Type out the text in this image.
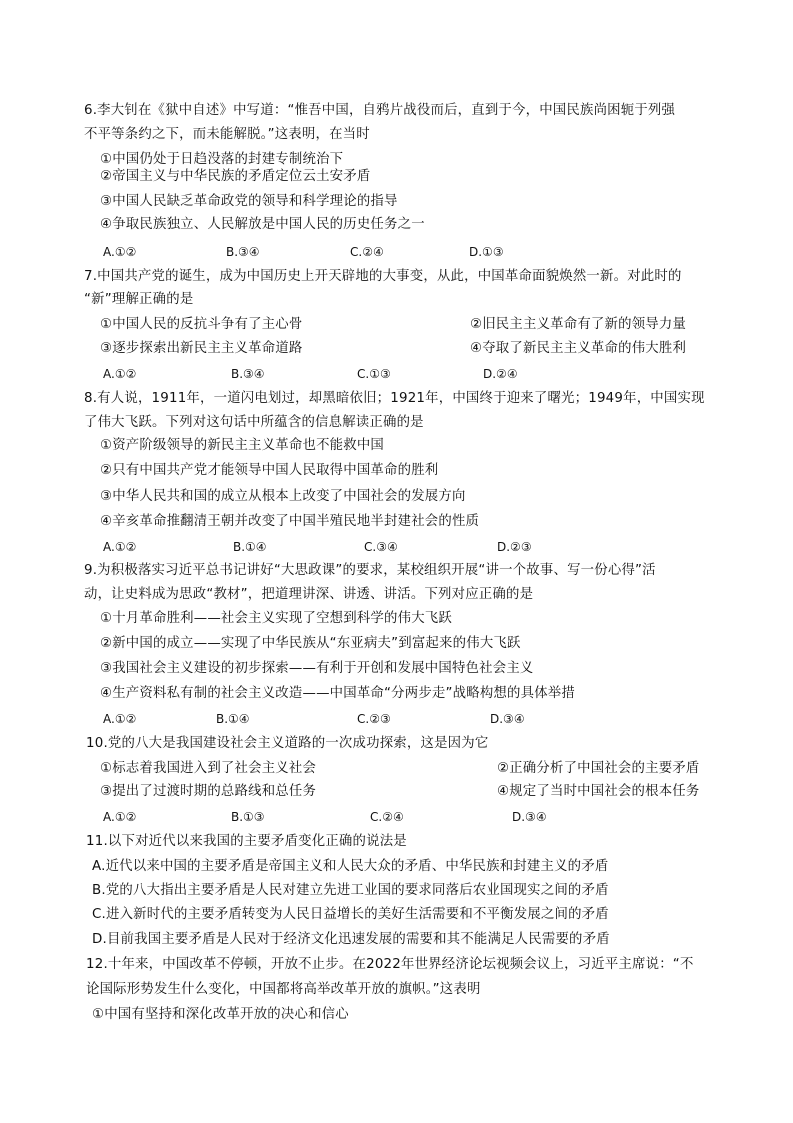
6.李大钊在《狱中自述》中写道：“惟吾中国，自鸦片战役而后，直到于今，中国民族尚困轭于列强
不平等条约之下，而未能解脱。”这表明，在当时
①中国仍处于日趋没落的封建专制统治下
②帝国主义与中华民族的矛盾定位云土安矛盾
③中国人民缺乏革命政党的领导和科学理论的指导
④争取民族独立、人民解放是中国人民的历史任务之一
A.①②	B.③④	C.②④	D.①③
7.中国共产党的诞生，成为中国历史上开天辟地的大事变，从此，中国革命面貌焕然一新。对此时的
“新”理解正确的是
①中国人民的反抗斗争有了主心骨	②旧民主主义革命有了新的领导力量
③逐步探索出新民主主义革命道路	④夺取了新民主主义革命的伟大胜利
A.①②	B.③④	C.①③	D.②④
8.有人说，1911年，一道闪电划过，却黑暗依旧；1921年，中国终于迎来了曙光；1949年，中国实现
了伟大飞跃。下列对这句话中所蕴含的信息解读正确的是
①资产阶级领导的新民主主义革命也不能救中国
②只有中国共产党才能领导中国人民取得中国革命的胜利
③中华人民共和国的成立从根本上改变了中国社会的发展方向
④辛亥革命推翻清王朝并改变了中国半殖民地半封建社会的性质
A.①②	B.①④	C.③④	D.②③
9.为积极落实习近平总书记讲好“大思政课”的要求，某校组织开展“讲一个故事、写一份心得”活
动，让史料成为思政“教材”，把道理讲深、讲透、讲活。下列对应正确的是
①十月革命胜利——社会主义实现了空想到科学的伟大飞跃
②新中国的成立——实现了中华民族从“东亚病夫”到富起来的伟大飞跃
③我国社会主义建设的初步探索——有利于开创和发展中国特色社会主义
④生产资料私有制的社会主义改造——中国革命“分两步走”战略构想的具体举措
A.①②	B.①④	C.②③	D.③④
10.党的八大是我国建设社会主义道路的一次成功探索，这是因为它
①标志着我国进入到了社会主义社会	②正确分析了中国社会的主要矛盾
③提出了过渡时期的总路线和总任务	④规定了当时中国社会的根本任务
A.①②	B.①③	C.②④	D.③④
11.以下对近代以来我国的主要矛盾变化正确的说法是
A.近代以来中国的主要矛盾是帝国主义和人民大众的矛盾、中华民族和封建主义的矛盾
B.党的八大指出主要矛盾是人民对建立先进工业国的要求同落后农业国现实之间的矛盾
C.进入新时代的主要矛盾转变为人民日益增长的美好生活需要和不平衡发展之间的矛盾
D.目前我国主要矛盾是人民对于经济文化迅速发展的需要和其不能满足人民需要的矛盾
12.十年来，中国改革不停顿，开放不止步。在2022年世界经济论坛视频会议上，习近平主席说：“不
论国际形势发生什么变化，中国都将高举改革开放的旗帜。”这表明
①中国有坚持和深化改革开放的决心和信心
